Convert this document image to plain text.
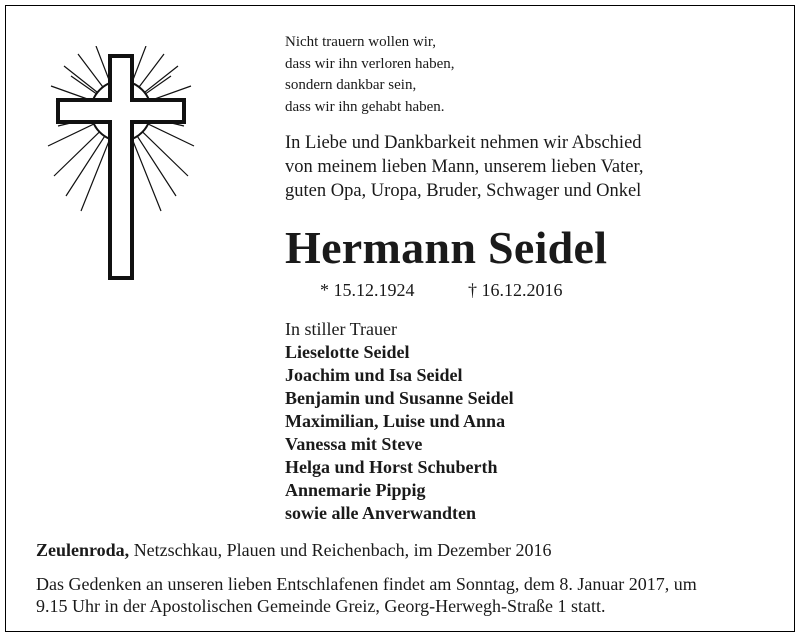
Nicht trauern wollen wir,
dass wir ihn verloren haben,
sondern dankbar sein,
dass wir ihn gehabt haben.
In Liebe und Dankbarkeit nehmen wir Abschied
von meinem lieben Mann, unserem lieben Vater,
guten Opa, Uropa, Bruder, Schwager und Onkel
Hermann Seidel
* 15.12.1924	† 16.12.2016
In stiller Trauer
Lieselotte Seidel
Joachim und Isa Seidel
Benjamin und Susanne Seidel
Maximilian, Luise und Anna
Vanessa mit Steve
Helga und Horst Schuberth
Annemarie Pippig
sowie alle Anverwandten
Zeulenroda, Netzschkau, Plauen und Reichenbach, im Dezember 2016
Das Gedenken an unseren lieben Entschlafenen findet am Sonntag, dem 8. Januar 2017, um
9.15 Uhr in der Apostolischen Gemeinde Greiz, Georg-Herwegh-Straße 1 statt.
